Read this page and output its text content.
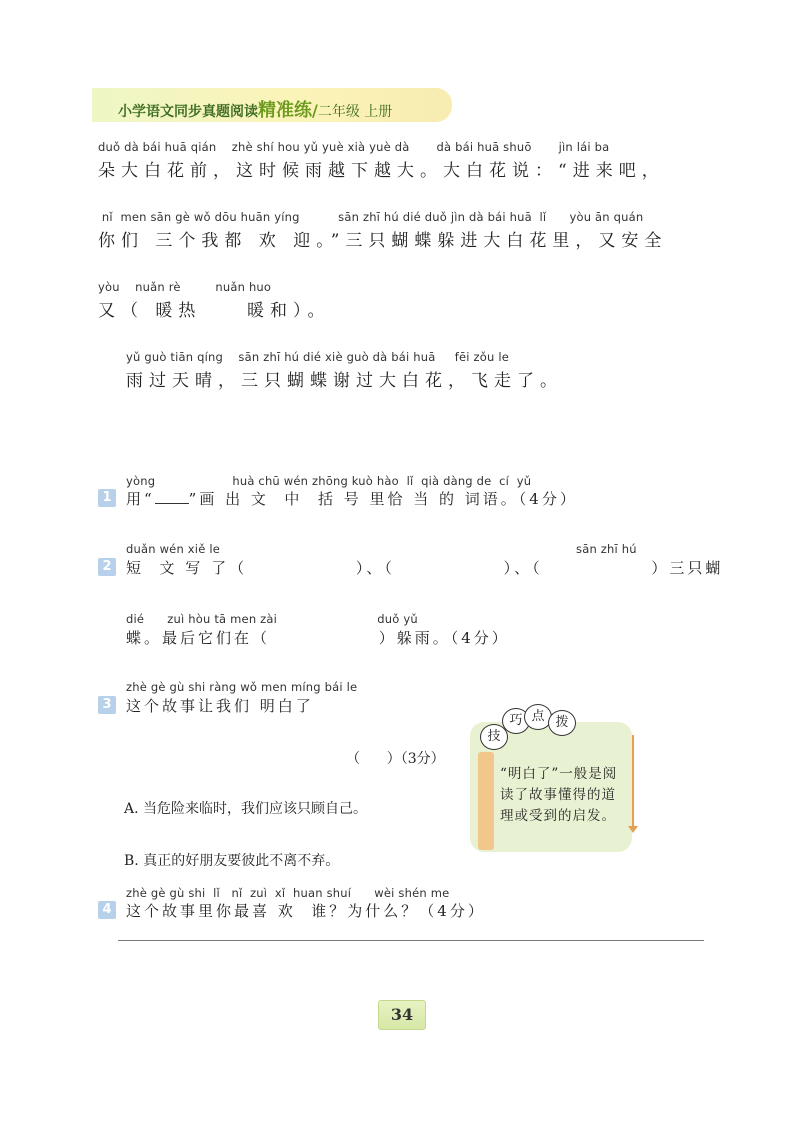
小学语文同步真题阅读精准练/二年级 上册
duǒ dà bái huā qián    zhè shí hou yǔ yuè xià yuè dà       dà bái huā shuō       jìn lái ba
朵大白花前，这时候雨越下越大。大白花说：“进来吧，
nǐ  men sān gè wǒ dōu huān yíng          sān zhī hú dié duǒ jìn dà bái huā  lǐ      yòu ān quán
你们 三个我都 欢 迎。”三只蝴蝶躲进大白花里，又安全
yòu    nuǎn rè         nuǎn huo
又（ 暖热    暖和）。
yǔ guò tiān qíng    sān zhī hú dié xiè guò dà bái huā     fēi zǒu le
雨过天晴，三只蝴蝶谢过大白花，飞走了。
yòng                    huà chū wén zhōng kuò hào  lǐ  qià dàng de  cí  yǔ
1 用“ ”画 出 文  中  括 号 里恰 当 的 词语。（4分）
duǎn wén xiě le	sān zhī hú
2 短  文 写 了（              ）、（              ）、（              ）三只蝴
dié      zuì hòu tā men zài                          duǒ yǔ
蝶。最后它们在（              ）躲雨。（4分）
zhè gè gù shi ràng wǒ men míng bái le
3 这个故事让我们 明白了
（      ）（3分）
A. 当危险来临时，我们应该只顾自己。
B. 真正的好朋友要彼此不离不弃。
技
巧 点 拨
“明白了”一般是阅读了故事懂得的道理或受到的启发。
zhè gè gù shi  lǐ   nǐ  zuì  xǐ  huan shuí      wèi shén me
4 这个故事里你最喜 欢  谁？为什么？（4分）
34
